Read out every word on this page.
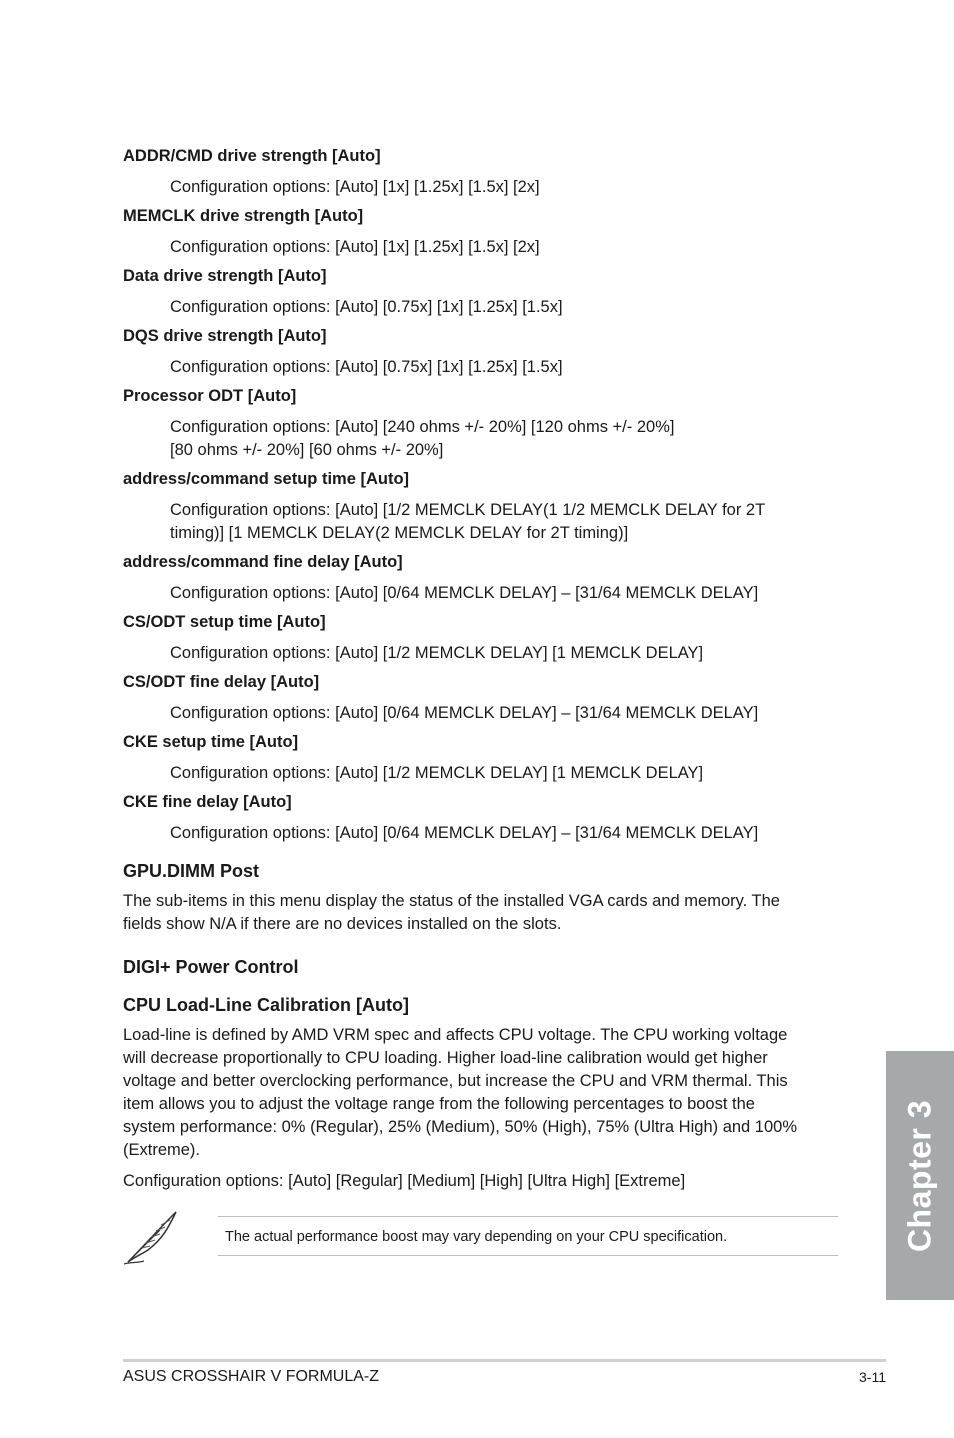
ADDR/CMD drive strength [Auto]
Configuration options: [Auto] [1x] [1.25x] [1.5x] [2x]
MEMCLK drive strength [Auto]
Configuration options: [Auto] [1x] [1.25x] [1.5x] [2x]
Data drive strength [Auto]
Configuration options: [Auto] [0.75x] [1x] [1.25x] [1.5x]
DQS drive strength [Auto]
Configuration options: [Auto] [0.75x] [1x] [1.25x] [1.5x]
Processor ODT [Auto]
Configuration options: [Auto] [240 ohms +/- 20%] [120 ohms +/- 20%]
[80 ohms +/- 20%] [60 ohms +/- 20%]
address/command setup time [Auto]
Configuration options: [Auto] [1/2 MEMCLK DELAY(1 1/2 MEMCLK DELAY for 2T
timing)] [1 MEMCLK DELAY(2 MEMCLK DELAY for 2T timing)]
address/command fine delay [Auto]
Configuration options: [Auto] [0/64 MEMCLK DELAY] – [31/64 MEMCLK DELAY]
CS/ODT setup time [Auto]
Configuration options: [Auto] [1/2 MEMCLK DELAY] [1 MEMCLK DELAY]
CS/ODT fine delay [Auto]
Configuration options: [Auto] [0/64 MEMCLK DELAY] – [31/64 MEMCLK DELAY]
CKE setup time [Auto]
Configuration options: [Auto] [1/2 MEMCLK DELAY] [1 MEMCLK DELAY]
CKE fine delay [Auto]
Configuration options: [Auto] [0/64 MEMCLK DELAY] – [31/64 MEMCLK DELAY]
GPU.DIMM Post
The sub-items in this menu display the status of the installed VGA cards and memory. The
fields show N/A if there are no devices installed on the slots.
DIGI+ Power Control
CPU Load-Line Calibration [Auto]
Load-line is defined by AMD VRM spec and affects CPU voltage. The CPU working voltage
will decrease proportionally to CPU loading. Higher load-line calibration would get higher
voltage and better overclocking performance, but increase the CPU and VRM thermal. This
item allows you to adjust the voltage range from the following percentages to boost the
system performance: 0% (Regular), 25% (Medium), 50% (High), 75% (Ultra High) and 100%
(Extreme).
Configuration options: [Auto] [Regular] [Medium] [High] [Ultra High] [Extreme]
The actual performance boost may vary depending on your CPU specification.	Chapter 3
ASUS CROSSHAIR V FORMULA-Z	3-11
